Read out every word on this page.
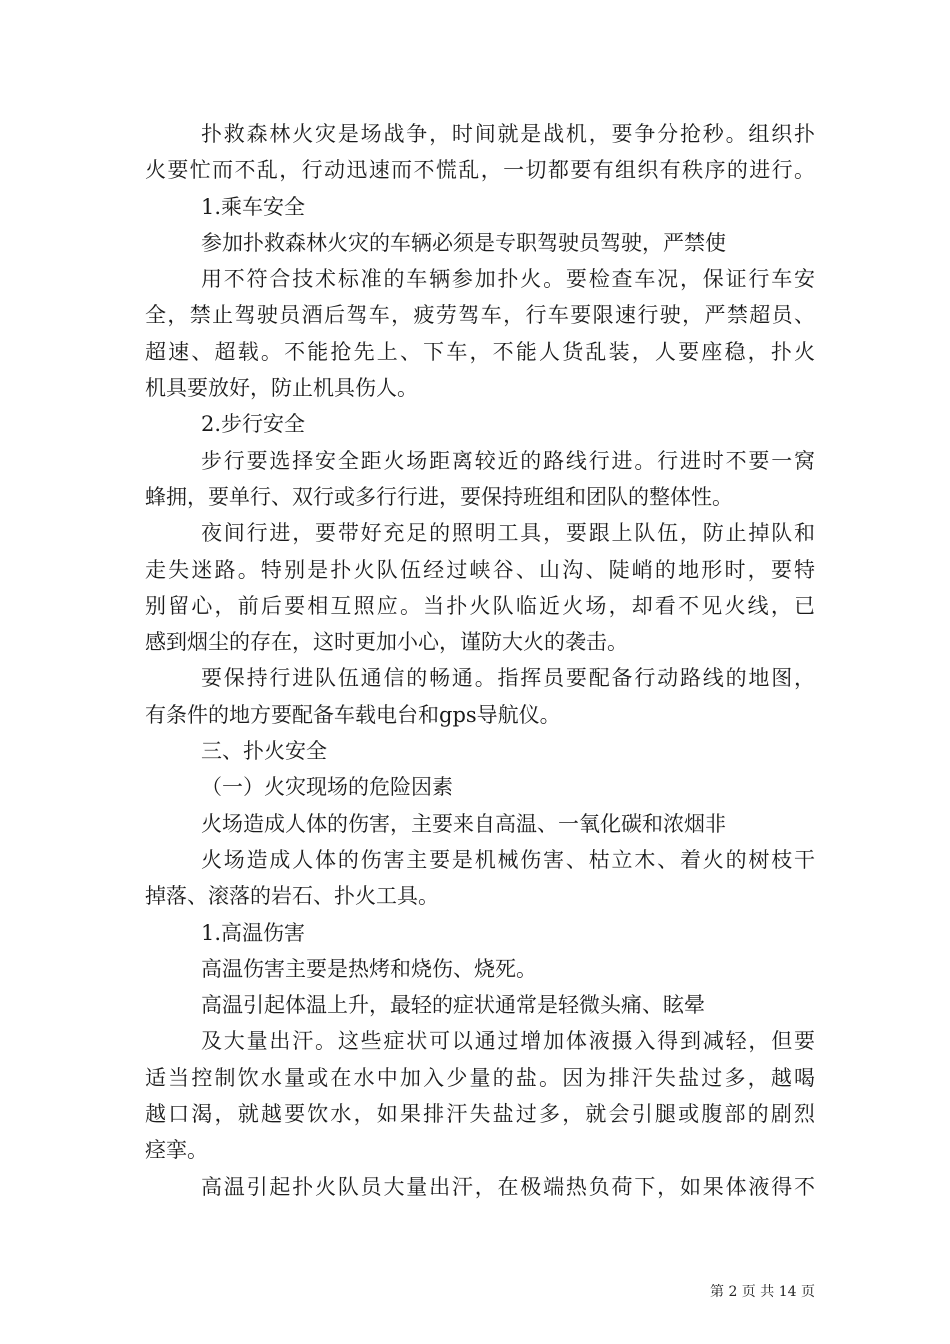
扑救森林火灾是场战争，时间就是战机，要争分抢秒。组织扑
火要忙而不乱，行动迅速而不慌乱，一切都要有组织有秩序的进行。
1.乘车安全
参加扑救森林火灾的车辆必须是专职驾驶员驾驶，严禁使
用不符合技术标准的车辆参加扑火。要检查车况，保证行车安
全，禁止驾驶员酒后驾车，疲劳驾车，行车要限速行驶，严禁超员、
超速、超载。不能抢先上、下车，不能人货乱装，人要座稳，扑火
机具要放好，防止机具伤人。
2.步行安全
步行要选择安全距火场距离较近的路线行进。行进时不要一窝
蜂拥，要单行、双行或多行行进，要保持班组和团队的整体性。
夜间行进，要带好充足的照明工具，要跟上队伍，防止掉队和
走失迷路。特别是扑火队伍经过峡谷、山沟、陡峭的地形时，要特
别留心，前后要相互照应。当扑火队临近火场，却看不见火线，已
感到烟尘的存在，这时更加小心，谨防大火的袭击。
要保持行进队伍通信的畅通。指挥员要配备行动路线的地图，
有条件的地方要配备车载电台和gps导航仪。
三、扑火安全
（一）火灾现场的危险因素
火场造成人体的伤害，主要来自高温、一氧化碳和浓烟非
火场造成人体的伤害主要是机械伤害、枯立木、着火的树枝干
掉落、滚落的岩石、扑火工具。
1.高温伤害
高温伤害主要是热烤和烧伤、烧死。
高温引起体温上升，最轻的症状通常是轻微头痛、眩晕
及大量出汗。这些症状可以通过增加体液摄入得到减轻，但要
适当控制饮水量或在水中加入少量的盐。因为排汗失盐过多，越喝
越口渴，就越要饮水，如果排汗失盐过多，就会引腿或腹部的剧烈
痉挛。
高温引起扑火队员大量出汗，在极端热负荷下，如果体液得不
第 2 页 共 14 页
